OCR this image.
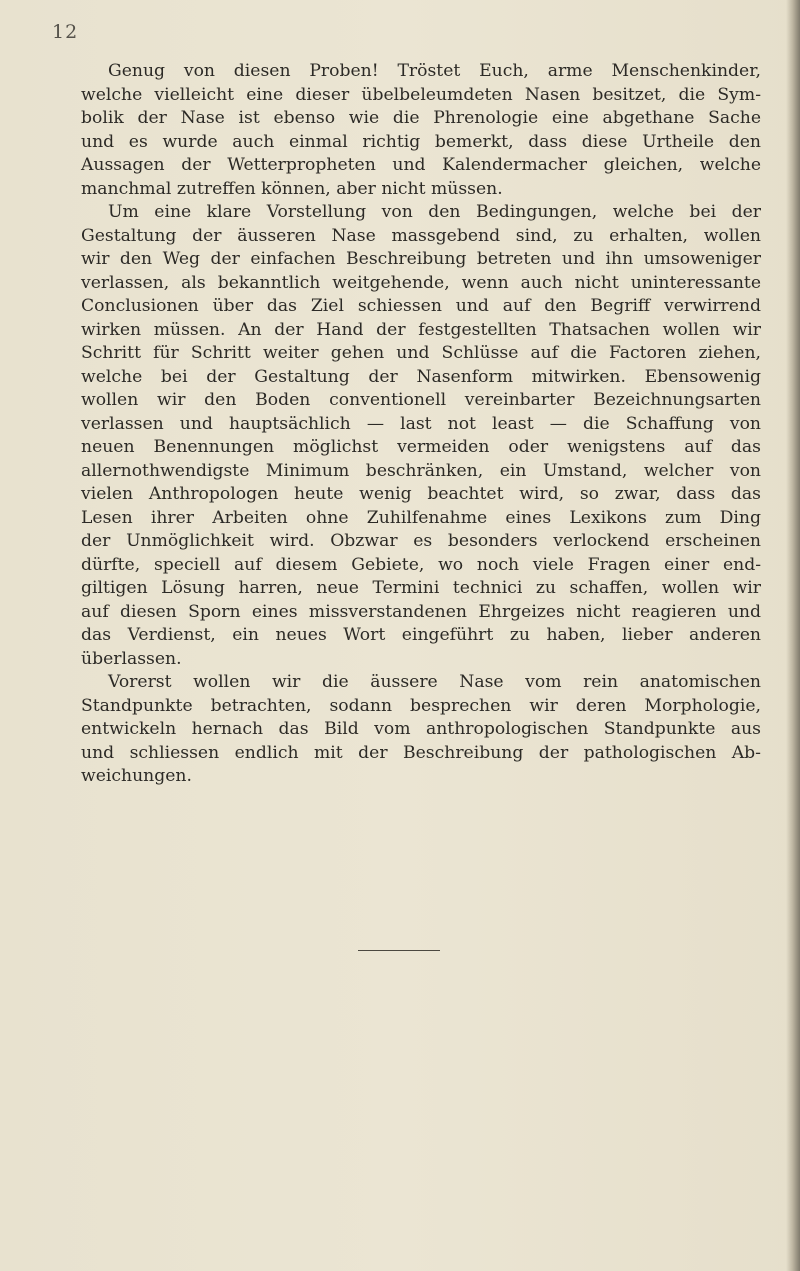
12
Genug von diesen Proben! Tröstet Euch, arme Menschenkinder,
welche vielleicht eine dieser übelbeleumdeten Nasen besitzet, die Sym-
bolik der Nase ist ebenso wie die Phrenologie eine abgethane Sache
und es wurde auch einmal richtig bemerkt, dass diese Urtheile den
Aussagen der Wetterpropheten und Kalendermacher gleichen, welche
manchmal zutreffen können, aber nicht müssen.
Um eine klare Vorstellung von den Bedingungen, welche bei der
Gestaltung der äusseren Nase massgebend sind, zu erhalten, wollen
wir den Weg der einfachen Beschreibung betreten und ihn umsoweniger
verlassen, als bekanntlich weitgehende, wenn auch nicht uninteressante
Conclusionen über das Ziel schiessen und auf den Begriff verwirrend
wirken müssen. An der Hand der festgestellten Thatsachen wollen wir
Schritt für Schritt weiter gehen und Schlüsse auf die Factoren ziehen,
welche bei der Gestaltung der Nasenform mitwirken. Ebensowenig
wollen wir den Boden conventionell vereinbarter Bezeichnungsarten
verlassen und hauptsächlich — last not least — die Schaffung von
neuen Benennungen möglichst vermeiden oder wenigstens auf das
allernothwendigste Minimum beschränken, ein Umstand, welcher von
vielen Anthropologen heute wenig beachtet wird, so zwar, dass das
Lesen ihrer Arbeiten ohne Zuhilfenahme eines Lexikons zum Ding
der Unmöglichkeit wird. Obzwar es besonders verlockend erscheinen
dürfte, speciell auf diesem Gebiete, wo noch viele Fragen einer end-
giltigen Lösung harren, neue Termini technici zu schaffen, wollen wir
auf diesen Sporn eines missverstandenen Ehrgeizes nicht reagieren und
das Verdienst, ein neues Wort eingeführt zu haben, lieber anderen
überlassen.
Vorerst wollen wir die äussere Nase vom rein anatomischen
Standpunkte betrachten, sodann besprechen wir deren Morphologie,
entwickeln hernach das Bild vom anthropologischen Standpunkte aus
und schliessen endlich mit der Beschreibung der pathologischen Ab-
weichungen.
